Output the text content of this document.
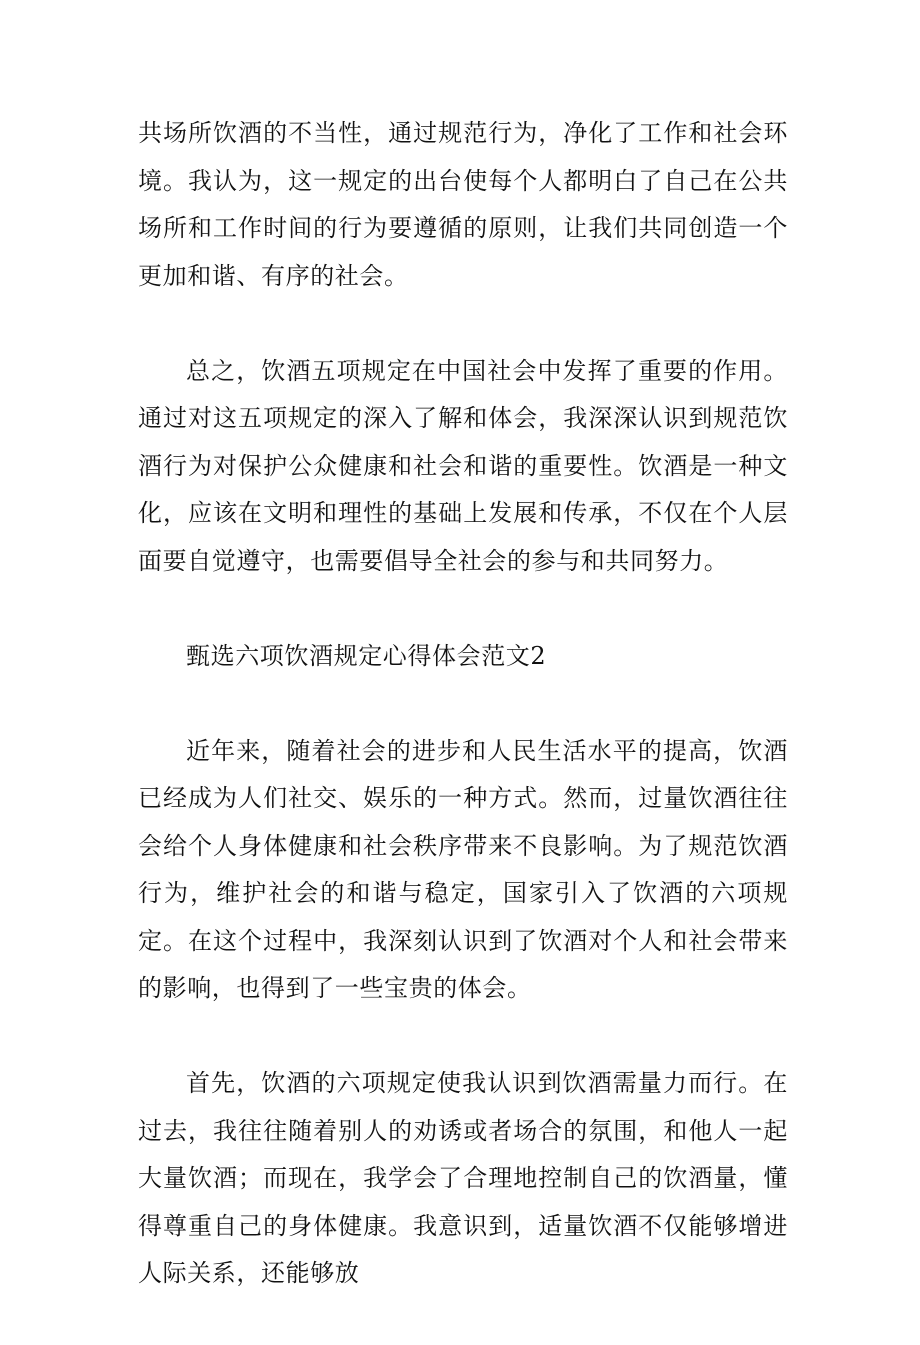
共场所饮酒的不当性，通过规范行为，净化了工作和社会环境。我认为，这一规定的出台使每个人都明白了自己在公共场所和工作时间的行为要遵循的原则，让我们共同创造一个更加和谐、有序的社会。

总之，饮酒五项规定在中国社会中发挥了重要的作用。通过对这五项规定的深入了解和体会，我深深认识到规范饮酒行为对保护公众健康和社会和谐的重要性。饮酒是一种文化，应该在文明和理性的基础上发展和传承，不仅在个人层面要自觉遵守，也需要倡导全社会的参与和共同努力。

甄选六项饮酒规定心得体会范文2

近年来，随着社会的进步和人民生活水平的提高，饮酒已经成为人们社交、娱乐的一种方式。然而，过量饮酒往往会给个人身体健康和社会秩序带来不良影响。为了规范饮酒行为，维护社会的和谐与稳定，国家引入了饮酒的六项规定。在这个过程中，我深刻认识到了饮酒对个人和社会带来的影响，也得到了一些宝贵的体会。

首先，饮酒的六项规定使我认识到饮酒需量力而行。在过去，我往往随着别人的劝诱或者场合的氛围，和他人一起大量饮酒；而现在，我学会了合理地控制自己的饮酒量，懂得尊重自己的身体健康。我意识到，适量饮酒不仅能够增进人际关系，还能够放
